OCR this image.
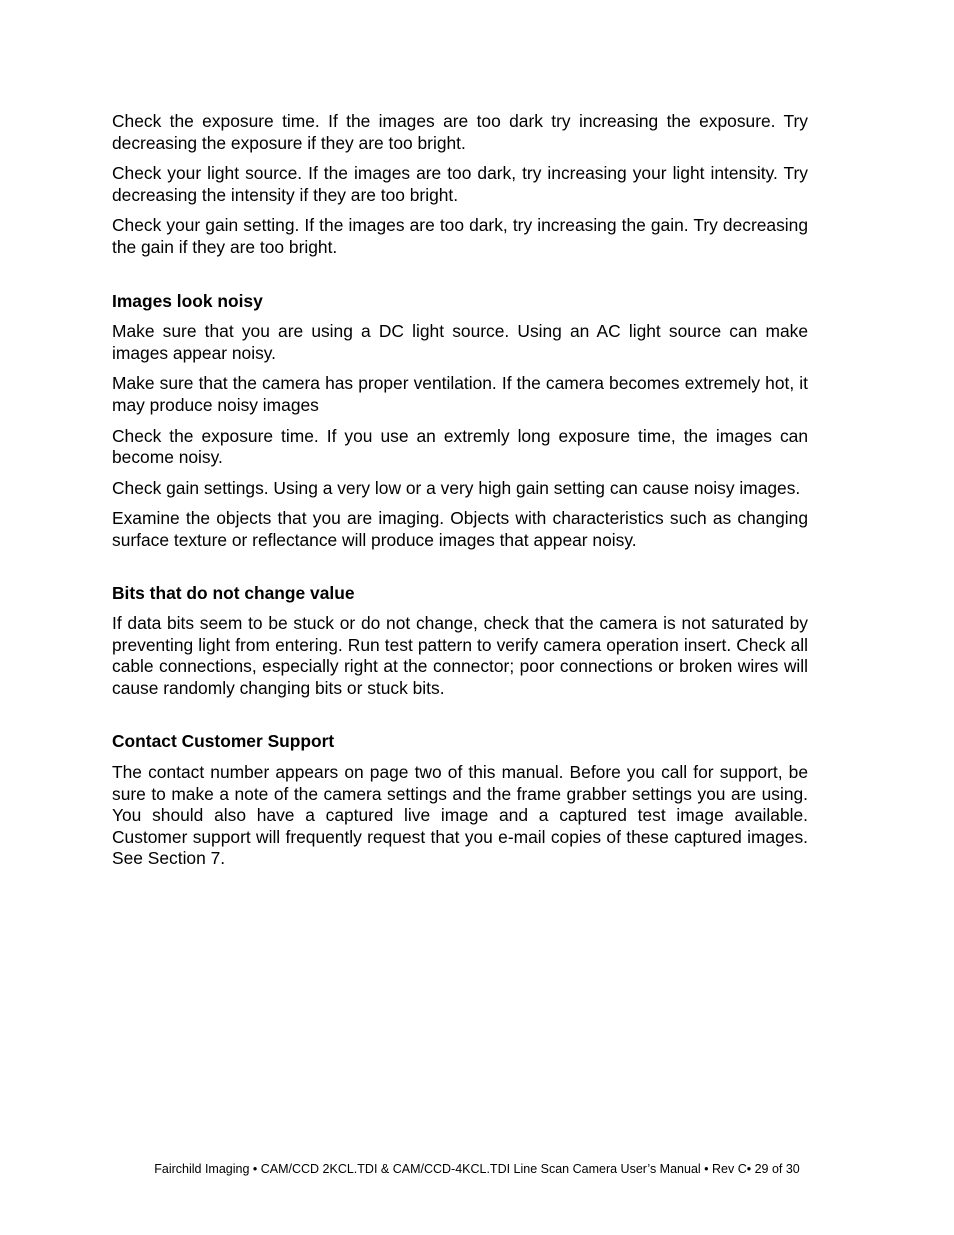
Check the exposure time. If the images are too dark try increasing the exposure. Try decreasing the exposure if they are too bright.

Check your light source. If the images are too dark, try increasing your light intensity. Try decreasing the intensity if they are too bright.

Check your gain setting. If the images are too dark, try increasing the gain. Try decreasing the gain if they are too bright.

Images look noisy

Make sure that you are using a DC light source. Using an AC light source can make images appear noisy.

Make sure that the camera has proper ventilation. If the camera becomes extremely hot, it may produce noisy images

Check the exposure time. If you use an extremly long exposure time, the images can become noisy.

Check gain settings. Using a very low or a very high gain setting can cause noisy images.

Examine the objects that you are imaging. Objects with characteristics such as changing surface texture or reflectance will produce images that appear noisy.

Bits that do not change value

If data bits seem to be stuck or do not change, check that the camera is not saturated by preventing light from entering. Run test pattern to verify camera operation insert. Check all cable connections, especially right at the connector; poor connections or broken wires will cause randomly changing bits or stuck bits.

Contact Customer Support

The contact number appears on page two of this manual. Before you call for support, be sure to make a note of the camera settings and the frame grabber settings you are using. You should also have a captured live image and a captured test image available. Customer support will frequently request that you e-mail copies of these captured images. See Section 7.

Fairchild Imaging • CAM/CCD 2KCL.TDI & CAM/CCD-4KCL.TDI Line Scan Camera User’s Manual • Rev C• 29 of 30
